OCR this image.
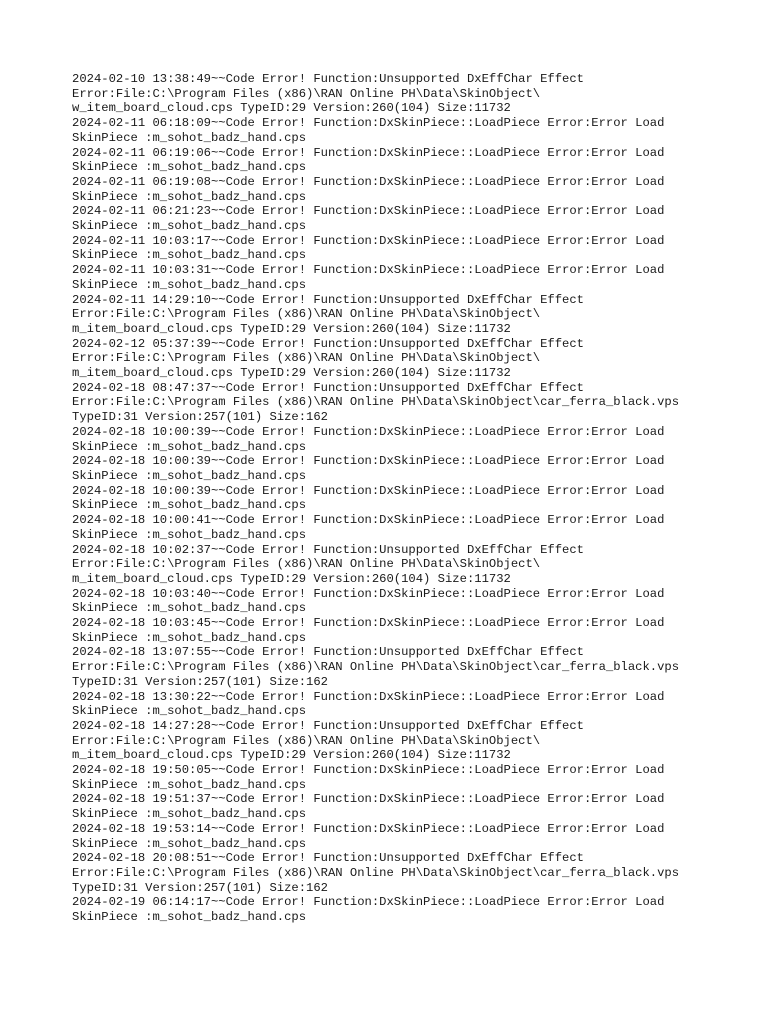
2024-02-10 13:38:49~~Code Error! Function:Unsupported DxEffChar Effect
Error:File:C:\Program Files (x86)\RAN Online PH\Data\SkinObject\
w_item_board_cloud.cps TypeID:29 Version:260(104) Size:11732
2024-02-11 06:18:09~~Code Error! Function:DxSkinPiece::LoadPiece Error:Error Load
SkinPiece :m_sohot_badz_hand.cps
2024-02-11 06:19:06~~Code Error! Function:DxSkinPiece::LoadPiece Error:Error Load
SkinPiece :m_sohot_badz_hand.cps
2024-02-11 06:19:08~~Code Error! Function:DxSkinPiece::LoadPiece Error:Error Load
SkinPiece :m_sohot_badz_hand.cps
2024-02-11 06:21:23~~Code Error! Function:DxSkinPiece::LoadPiece Error:Error Load
SkinPiece :m_sohot_badz_hand.cps
2024-02-11 10:03:17~~Code Error! Function:DxSkinPiece::LoadPiece Error:Error Load
SkinPiece :m_sohot_badz_hand.cps
2024-02-11 10:03:31~~Code Error! Function:DxSkinPiece::LoadPiece Error:Error Load
SkinPiece :m_sohot_badz_hand.cps
2024-02-11 14:29:10~~Code Error! Function:Unsupported DxEffChar Effect
Error:File:C:\Program Files (x86)\RAN Online PH\Data\SkinObject\
m_item_board_cloud.cps TypeID:29 Version:260(104) Size:11732
2024-02-12 05:37:39~~Code Error! Function:Unsupported DxEffChar Effect
Error:File:C:\Program Files (x86)\RAN Online PH\Data\SkinObject\
m_item_board_cloud.cps TypeID:29 Version:260(104) Size:11732
2024-02-18 08:47:37~~Code Error! Function:Unsupported DxEffChar Effect
Error:File:C:\Program Files (x86)\RAN Online PH\Data\SkinObject\car_ferra_black.vps
TypeID:31 Version:257(101) Size:162
2024-02-18 10:00:39~~Code Error! Function:DxSkinPiece::LoadPiece Error:Error Load
SkinPiece :m_sohot_badz_hand.cps
2024-02-18 10:00:39~~Code Error! Function:DxSkinPiece::LoadPiece Error:Error Load
SkinPiece :m_sohot_badz_hand.cps
2024-02-18 10:00:39~~Code Error! Function:DxSkinPiece::LoadPiece Error:Error Load
SkinPiece :m_sohot_badz_hand.cps
2024-02-18 10:00:41~~Code Error! Function:DxSkinPiece::LoadPiece Error:Error Load
SkinPiece :m_sohot_badz_hand.cps
2024-02-18 10:02:37~~Code Error! Function:Unsupported DxEffChar Effect
Error:File:C:\Program Files (x86)\RAN Online PH\Data\SkinObject\
m_item_board_cloud.cps TypeID:29 Version:260(104) Size:11732
2024-02-18 10:03:40~~Code Error! Function:DxSkinPiece::LoadPiece Error:Error Load
SkinPiece :m_sohot_badz_hand.cps
2024-02-18 10:03:45~~Code Error! Function:DxSkinPiece::LoadPiece Error:Error Load
SkinPiece :m_sohot_badz_hand.cps
2024-02-18 13:07:55~~Code Error! Function:Unsupported DxEffChar Effect
Error:File:C:\Program Files (x86)\RAN Online PH\Data\SkinObject\car_ferra_black.vps
TypeID:31 Version:257(101) Size:162
2024-02-18 13:30:22~~Code Error! Function:DxSkinPiece::LoadPiece Error:Error Load
SkinPiece :m_sohot_badz_hand.cps
2024-02-18 14:27:28~~Code Error! Function:Unsupported DxEffChar Effect
Error:File:C:\Program Files (x86)\RAN Online PH\Data\SkinObject\
m_item_board_cloud.cps TypeID:29 Version:260(104) Size:11732
2024-02-18 19:50:05~~Code Error! Function:DxSkinPiece::LoadPiece Error:Error Load
SkinPiece :m_sohot_badz_hand.cps
2024-02-18 19:51:37~~Code Error! Function:DxSkinPiece::LoadPiece Error:Error Load
SkinPiece :m_sohot_badz_hand.cps
2024-02-18 19:53:14~~Code Error! Function:DxSkinPiece::LoadPiece Error:Error Load
SkinPiece :m_sohot_badz_hand.cps
2024-02-18 20:08:51~~Code Error! Function:Unsupported DxEffChar Effect
Error:File:C:\Program Files (x86)\RAN Online PH\Data\SkinObject\car_ferra_black.vps
TypeID:31 Version:257(101) Size:162
2024-02-19 06:14:17~~Code Error! Function:DxSkinPiece::LoadPiece Error:Error Load
SkinPiece :m_sohot_badz_hand.cps
